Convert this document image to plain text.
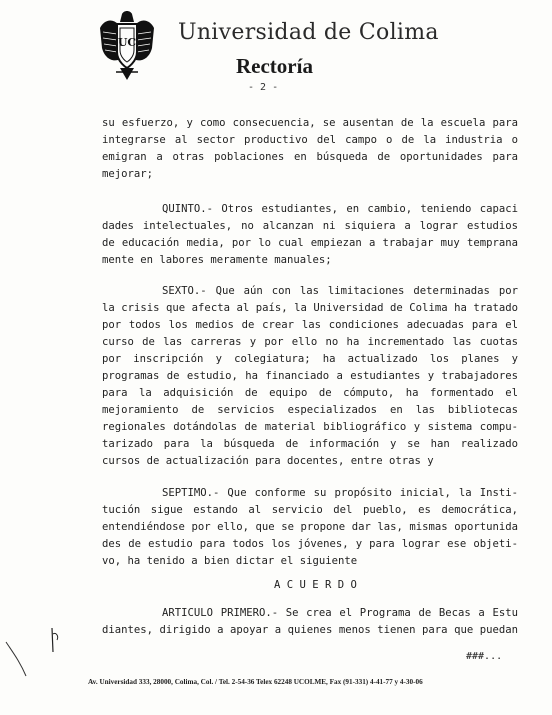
UC Universidad de Colima
Rectoría
- 2 -
su esfuerzo, y como consecuencia, se ausentan de la escuela para
integrarse al sector productivo del campo o de la industria o
emigran a otras poblaciones en búsqueda de oportunidades para
mejorar;
QUINTO.- Otros estudiantes, en cambio, teniendo capaci
dades intelectuales, no alcanzan ni siquiera a lograr estudios
de educación media, por lo cual empiezan a trabajar muy temprana
mente en labores meramente manuales;
SEXTO.- Que aún con las limitaciones determinadas por
la crisis que afecta al país, la Universidad de Colima ha tratado
por todos los medios de crear las condiciones adecuadas para el
curso de las carreras y por ello no ha incrementado las cuotas
por inscripción y colegiatura; ha actualizado los planes y
programas de estudio, ha financiado a estudiantes y trabajadores
para la adquisición de equipo de cómputo, ha formentado el
mejoramiento de servicios especializados en las bibliotecas
regionales dotándolas de material bibliográfico y sistema compu-
tarizado para la búsqueda de información y se han realizado
cursos de actualización para docentes, entre otras y
SEPTIMO.- Que conforme su propósito inicial, la Insti-
tución sigue estando al servicio del pueblo, es democrática,
entendiéndose por ello, que se propone dar las, mismas oportunida
des de estudio para todos los jóvenes, y para lograr ese objeti-
vo, ha tenido a bien dictar el siguiente
A C U E R D O
ARTICULO PRIMERO.- Se crea el Programa de Becas a Estu
diantes, dirigido a apoyar a quienes menos tienen para que puedan
###...
Av. Universidad 333, 28000, Colima, Col. / Tel. 2-54-36 Telex 62248 UCOLME, Fax (91-331) 4-41-77 y 4-30-06
